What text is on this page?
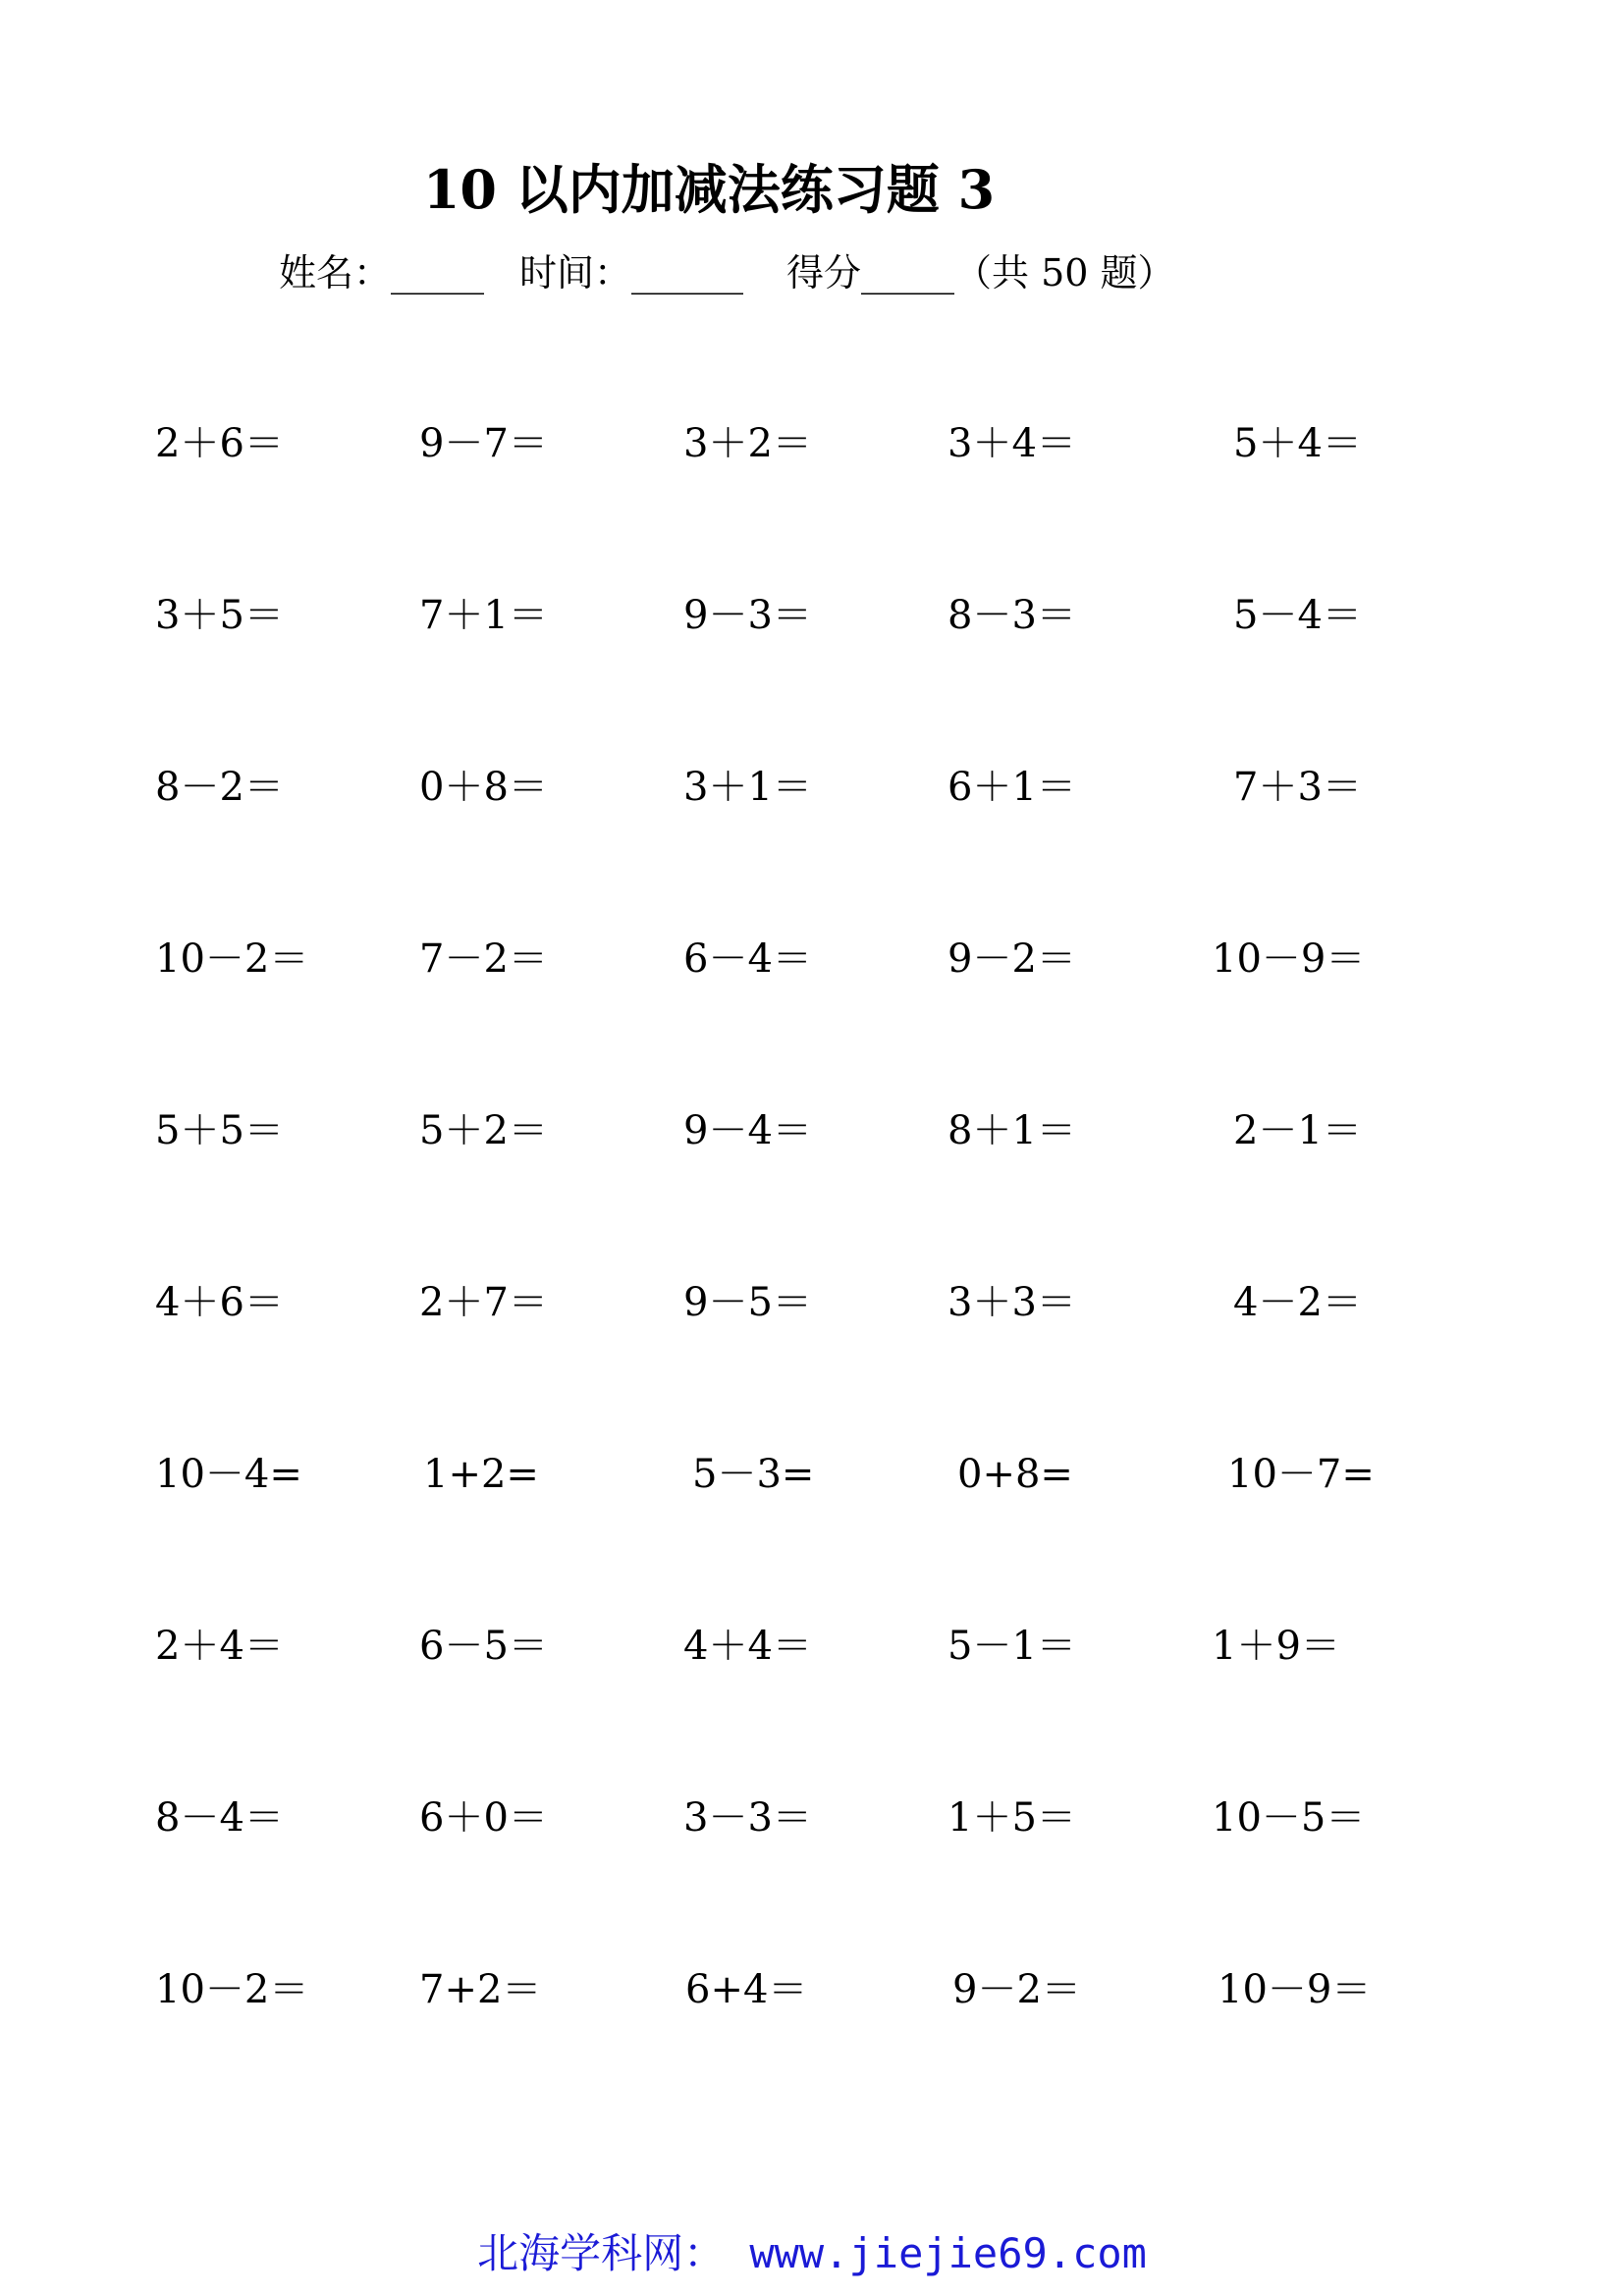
10 以内加减法练习题 3
姓名：_____ 时间：______ 得分_____（共 50 题）
2＋6＝	9－7＝	3＋2＝	3＋4＝	5＋4＝
3＋5＝	7＋1＝	9－3＝	8－3＝	5－4＝
8－2＝	0＋8＝	3＋1＝	6＋1＝	7＋3＝
10－2＝	7－2＝	6－4＝	9－2＝	10－9＝
5＋5＝	5＋2＝	9－4＝	8＋1＝	2－1＝
4＋6＝	2＋7＝	9－5＝	3＋3＝	4－2＝
10－4=	1+2=	5－3=	0+8=	10－7=
2＋4＝	6－5＝	4＋4＝	5－1＝	1＋9＝
8－4＝	6＋0＝	3－3＝	1＋5＝	10－5＝
10－2＝	7+2＝	6+4＝	9－2＝	10－9＝
北海学科网： www.jiejie69.com
